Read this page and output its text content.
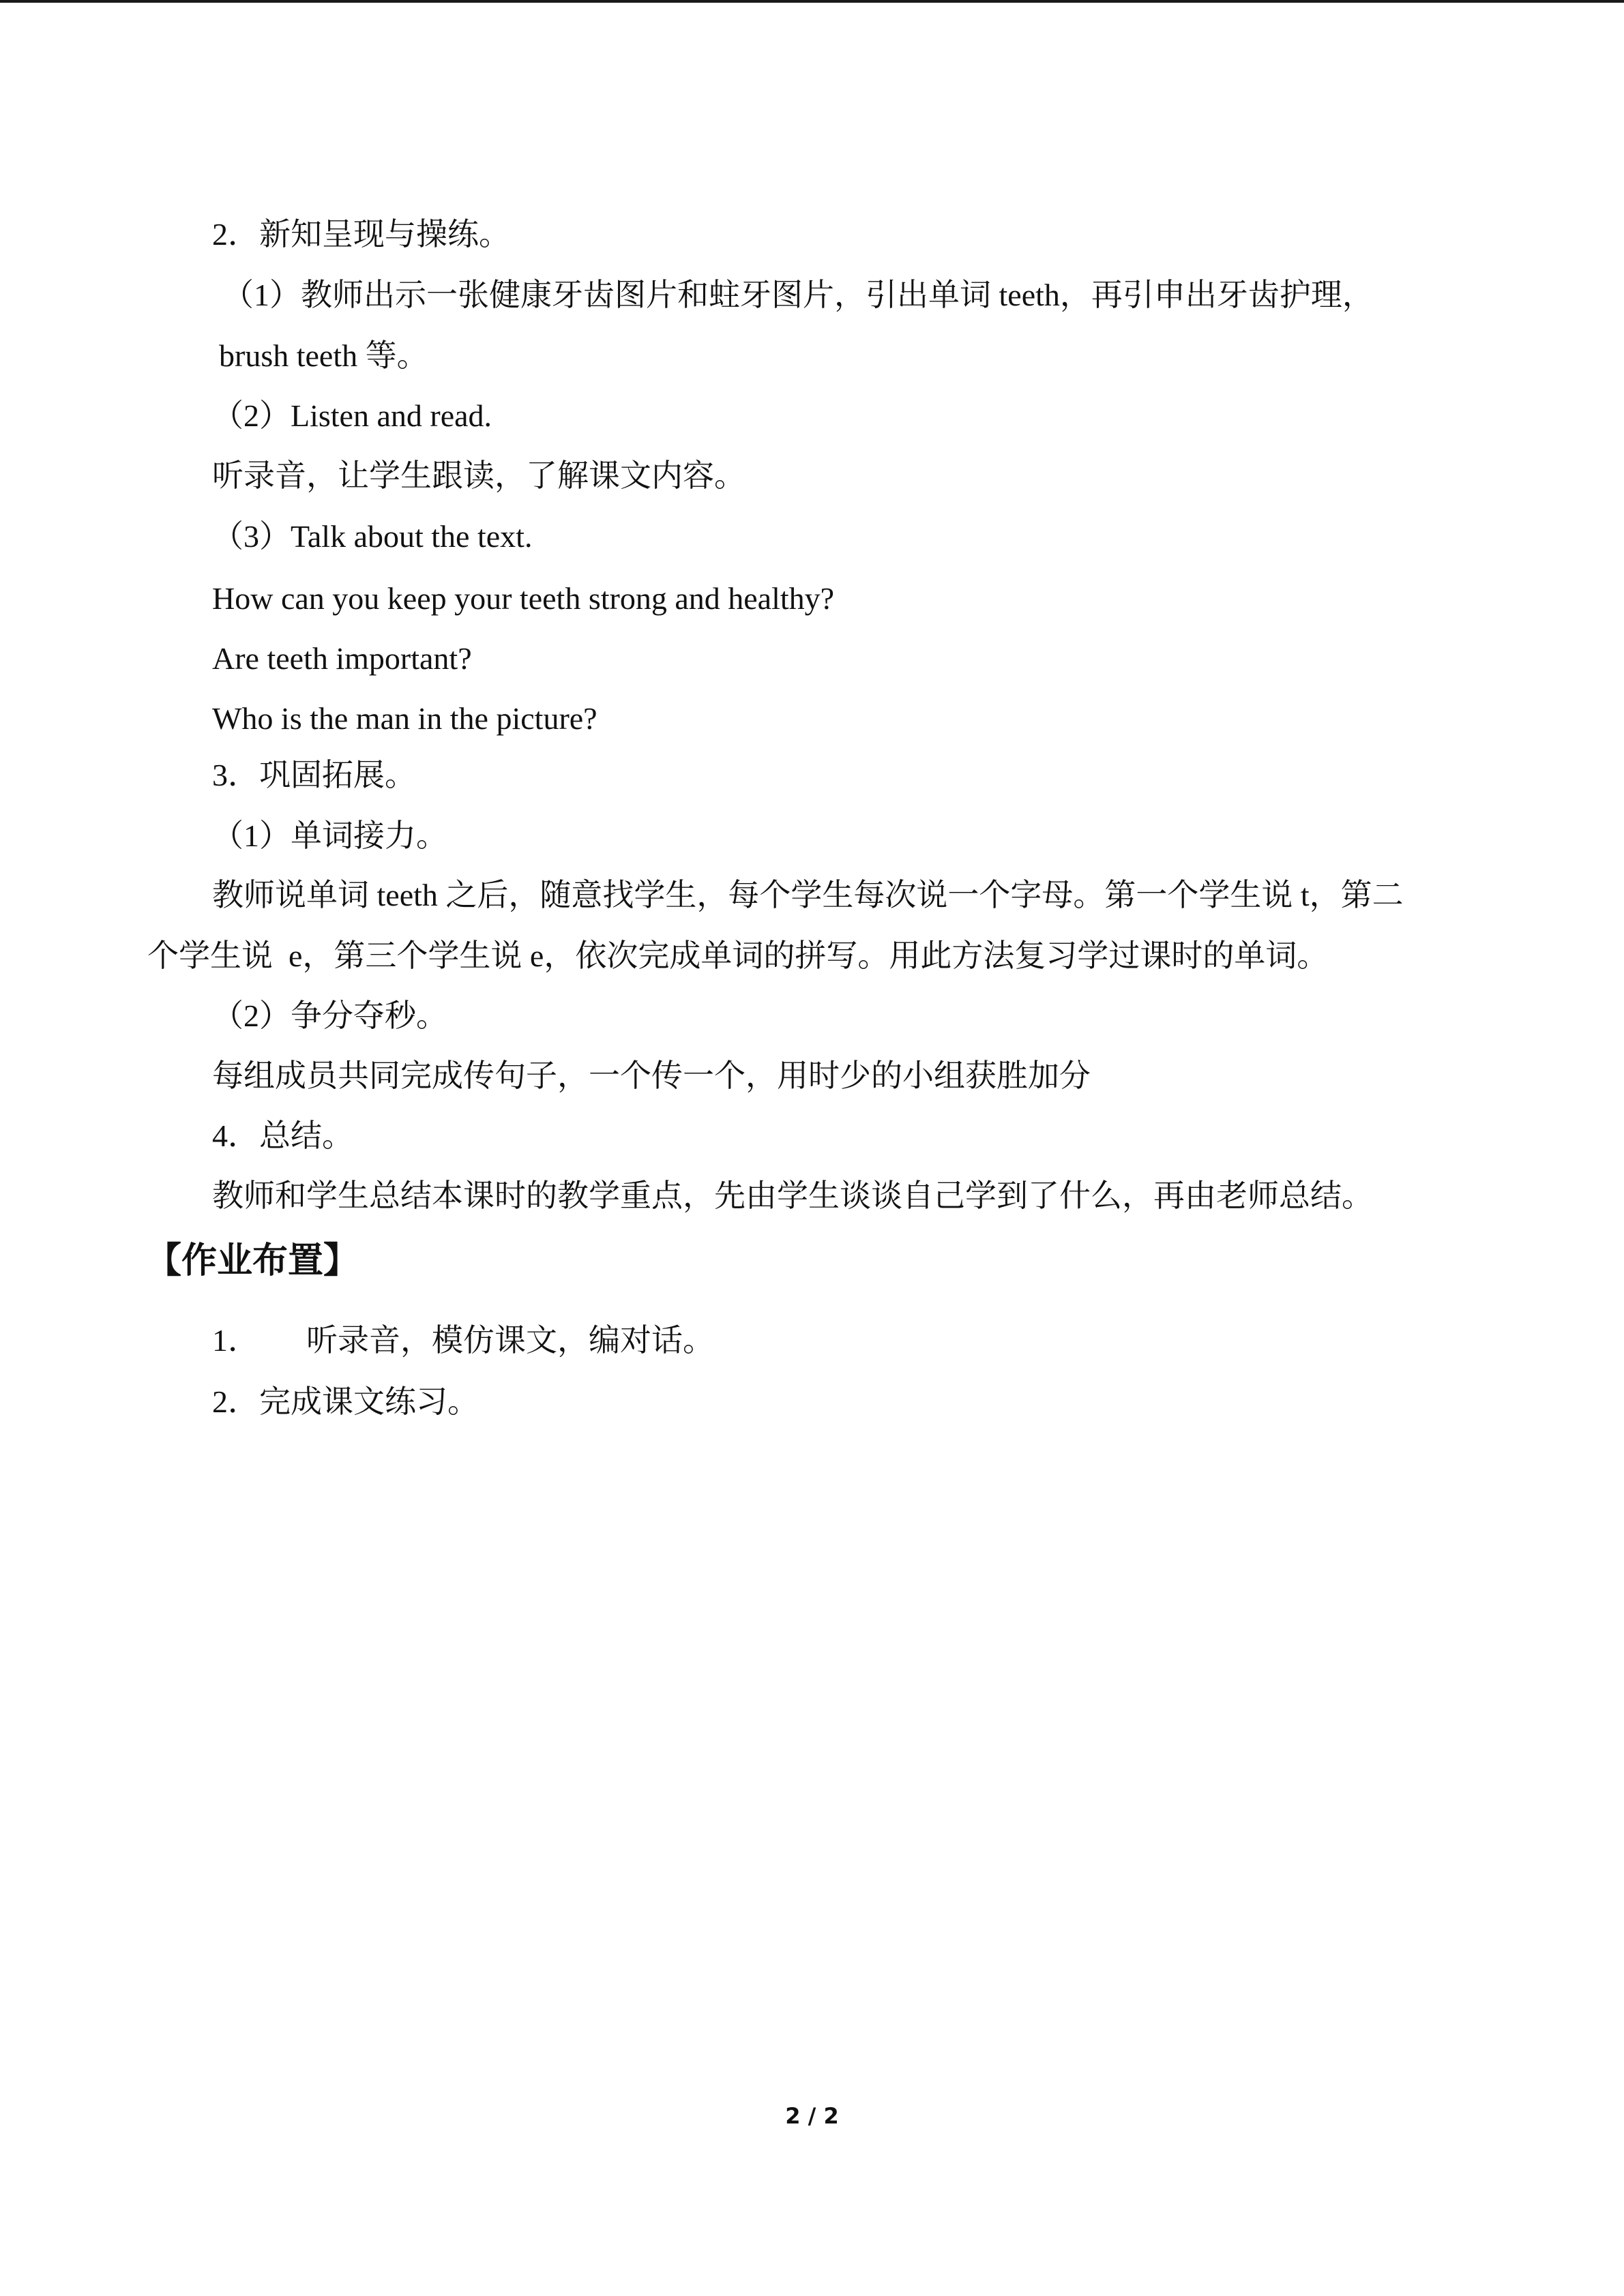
2．新知呈现与操练。
（1）教师出示一张健康牙齿图片和蛀牙图片，引出单词 teeth，再引申出牙齿护理，
brush teeth 等。
（2）Listen and read.
听录音，让学生跟读，了解课文内容。
（3）Talk about the text.
How can you keep your teeth strong and healthy?
Are teeth important?
Who is the man in the picture?
3．巩固拓展。
（1）单词接力。
教师说单词 teeth 之后，随意找学生，每个学生每次说一个字母。第一个学生说 t，第二
个学生说  e，第三个学生说 e，依次完成单词的拼写。用此方法复习学过课时的单词。
（2）争分夺秒。
每组成员共同完成传句子，一个传一个，用时少的小组获胜加分
4．总结。
教师和学生总结本课时的教学重点，先由学生谈谈自己学到了什么，再由老师总结。
【作业布置】
1．      听录音，模仿课文，编对话。
2．完成课文练习。
2 / 2
